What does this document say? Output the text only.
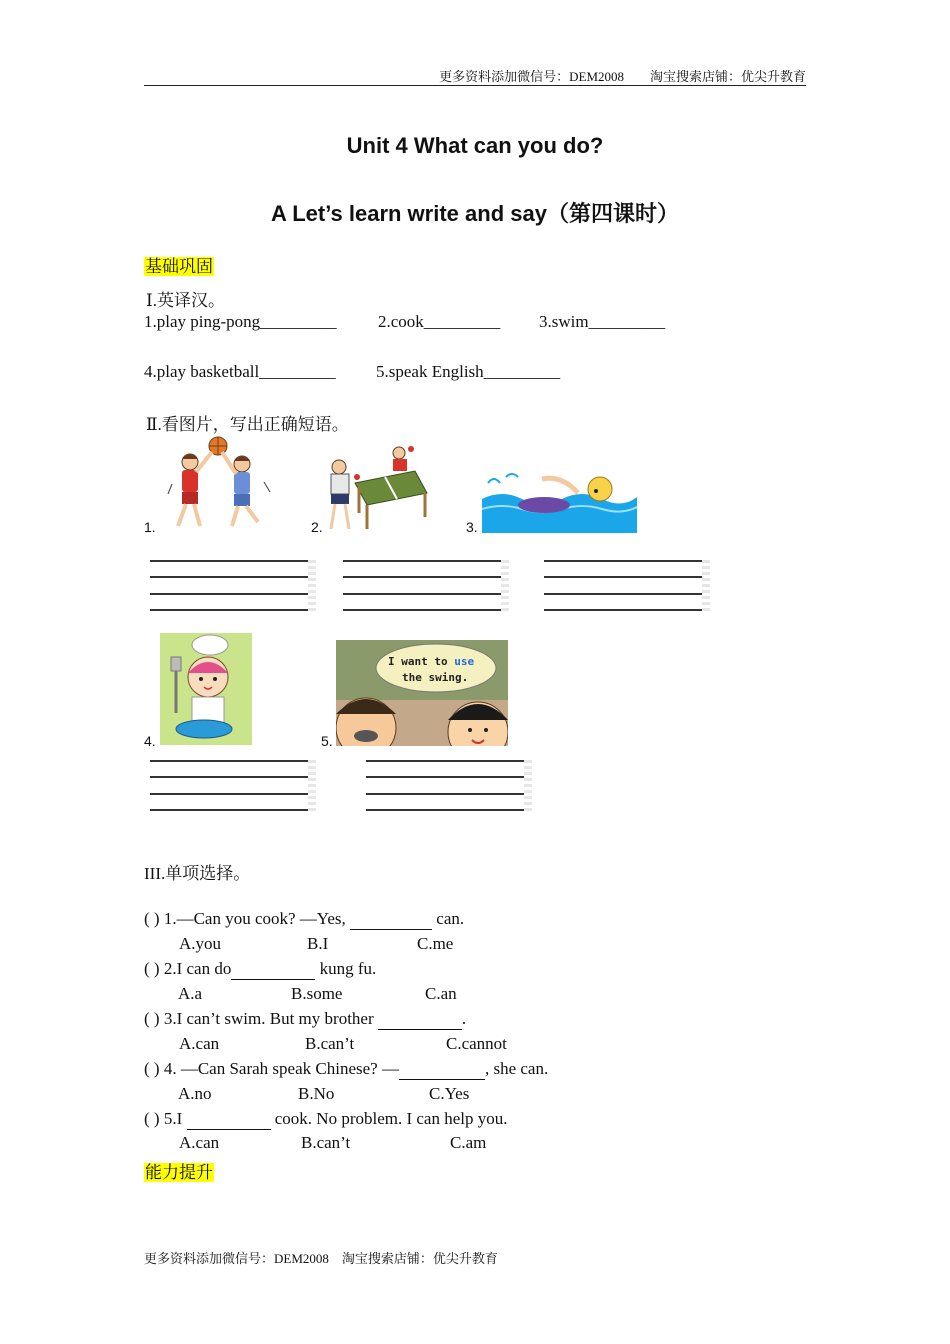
更多资料添加微信号：DEM2008　　淘宝搜索店铺：优尖升教育
Unit 4 What can you do?
A Let’s learn write and say（第四课时）
基础巩固
Ⅰ.英译汉。
1.play ping-pong_________ 2.cook_________ 3.swim_________
4.play basketball_________ 5.speak English_________
Ⅱ.看图片，写出正确短语。
1.	2.	3.
4.	5.
I want to use
the swing.
III.单项选择。
( ) 1.—Can you cook? —Yes,	can.
A.you	B.I	C.me
( ) 2.I can do	kung fu.
A.a	B.some	C.an
( ) 3.I can’t swim. But my brother	.
A.can	B.can’t	C.cannot
( ) 4. —Can Sarah speak Chinese? —	, she can.
A.no	B.No	C.Yes
( ) 5.I	cook. No problem. I can help you.
A.can	B.can’t	C.am
能力提升
更多资料添加微信号：DEM2008　淘宝搜索店铺：优尖升教育
